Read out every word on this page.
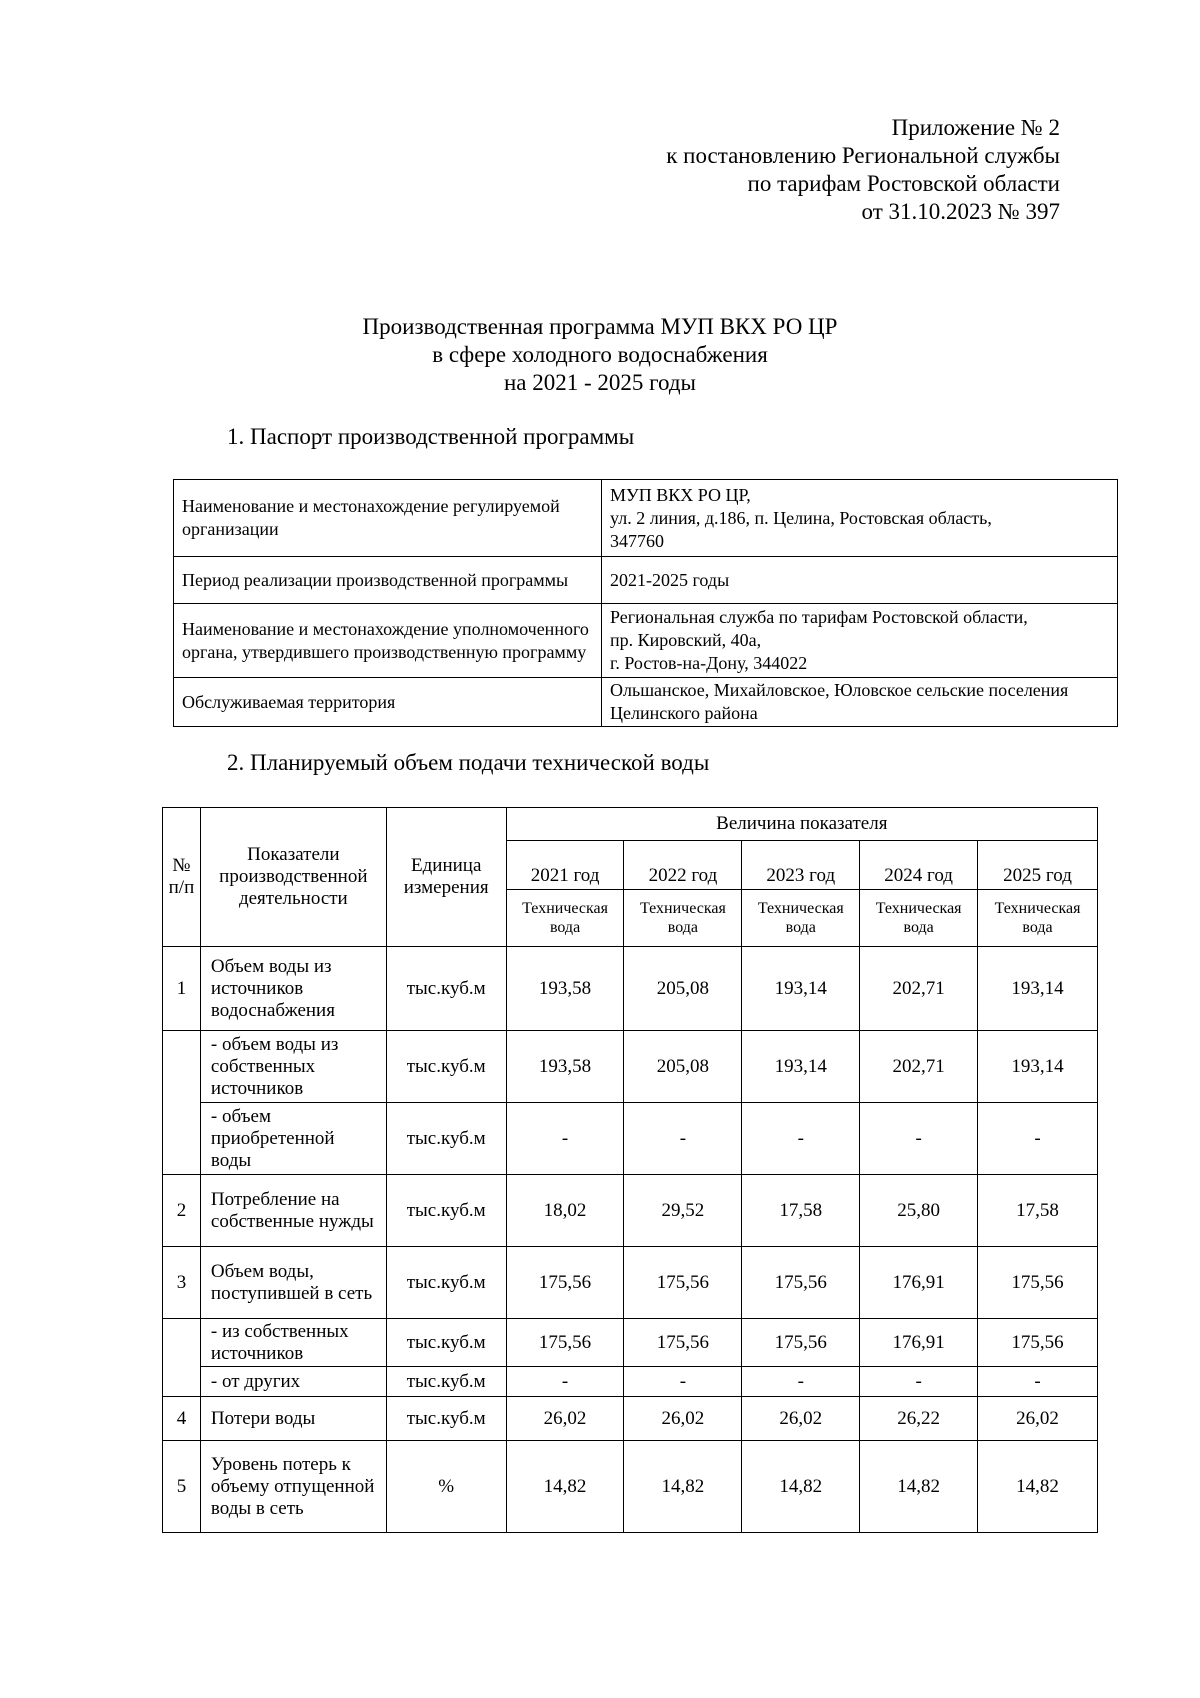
Приложение № 2
к постановлению Региональной службы
по тарифам Ростовской области
от 31.10.2023 № 397
Производственная программа МУП ВКХ РО ЦР
в сфере холодного водоснабжения
на 2021 - 2025 годы
1. Паспорт производственной программы
Наименование и местонахождение регулируемой организации	МУП ВКХ РО ЦР,
ул. 2 линия, д.186, п. Целина, Ростовская область,
347760

Период реализации производственной программы	2021-2025 годы

Наименование и местонахождение уполномоченного органа, утвердившего производственную программу	Региональная служба по тарифам Ростовской области,
пр. Кировский, 40а,
г. Ростов-на-Дону, 344022

Обслуживаемая территория	Ольшанское, Михайловское, Юловское сельские поселения Целинского района
2. Планируемый объем подачи технической воды
№ п/п	Показатели производственной деятельности	Единица измерения	Величина показателя				
			2021 год	2022 год	2023 год	2024 год	2025 год
			Техническая вода	Техническая вода	Техническая вода	Техническая вода	Техническая вода
1	Объем воды из источников водоснабжения	тыс.куб.м	193,58	205,08	193,14	202,71	193,14
	- объем воды из собственных источников	тыс.куб.м	193,58	205,08	193,14	202,71	193,14
	- объем приобретенной воды	тыс.куб.м	-	-	-	-	-
2	Потребление на собственные нужды	тыс.куб.м	18,02	29,52	17,58	25,80	17,58
3	Объем воды, поступившей в сеть	тыс.куб.м	175,56	175,56	175,56	176,91	175,56
	- из собственных источников	тыс.куб.м	175,56	175,56	175,56	176,91	175,56
	- от других	тыс.куб.м	-	-	-	-	-
4	Потери воды	тыс.куб.м	26,02	26,02	26,02	26,22	26,02
5	Уровень потерь к объему отпущенной воды в сеть	%	14,82	14,82	14,82	14,82	14,82
